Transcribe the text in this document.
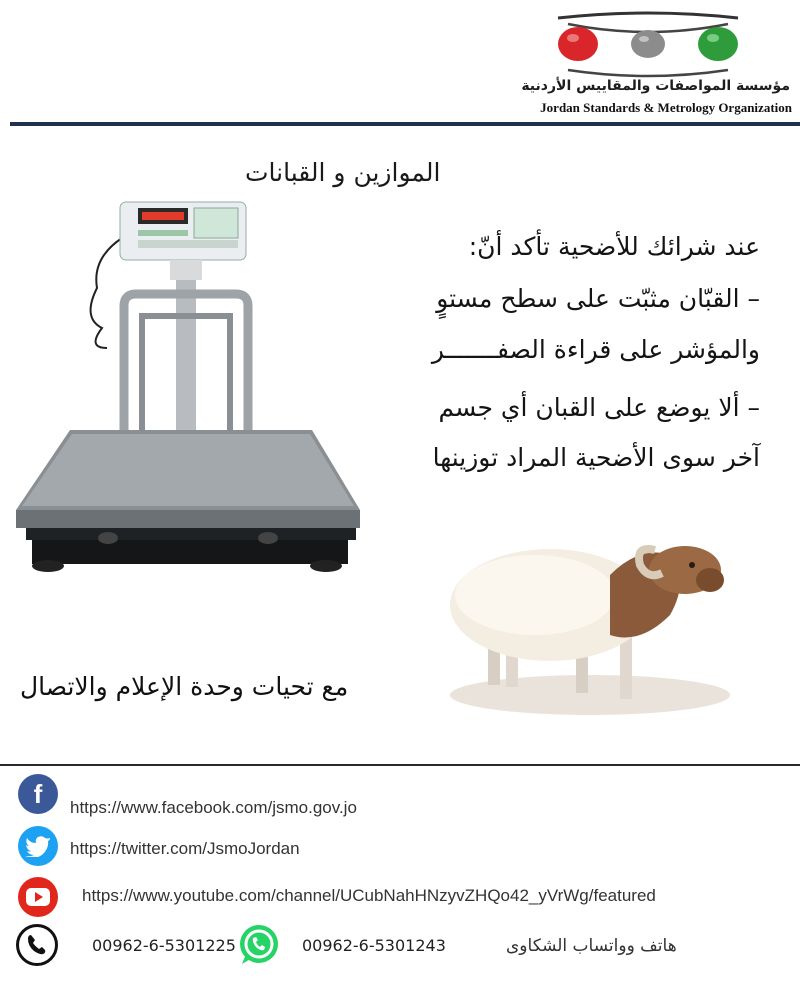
مؤسسة المواصفات والمقاييس الأردنية
Jordan Standards & Metrology Organization
الموازين و القبانات
عند شرائك للأضحية تأكد أنّ:
– القبّان مثبّت على سطح مستوٍ
والمؤشر على قراءة الصفـــــــر
– ألا يوضع على القبان أي جسم
آخر سوى الأضحية المراد توزينها
مع تحيات وحدة الإعلام والاتصال
f https://www.facebook.com/jsmo.gov.jo
https://twitter.com/JsmoJordan
https://www.youtube.com/channel/UCubNahHNzyvZHQo42_yVrWg/featured
00962-6-5301225	00962-6-5301243	هاتف وواتساب الشكاوى
